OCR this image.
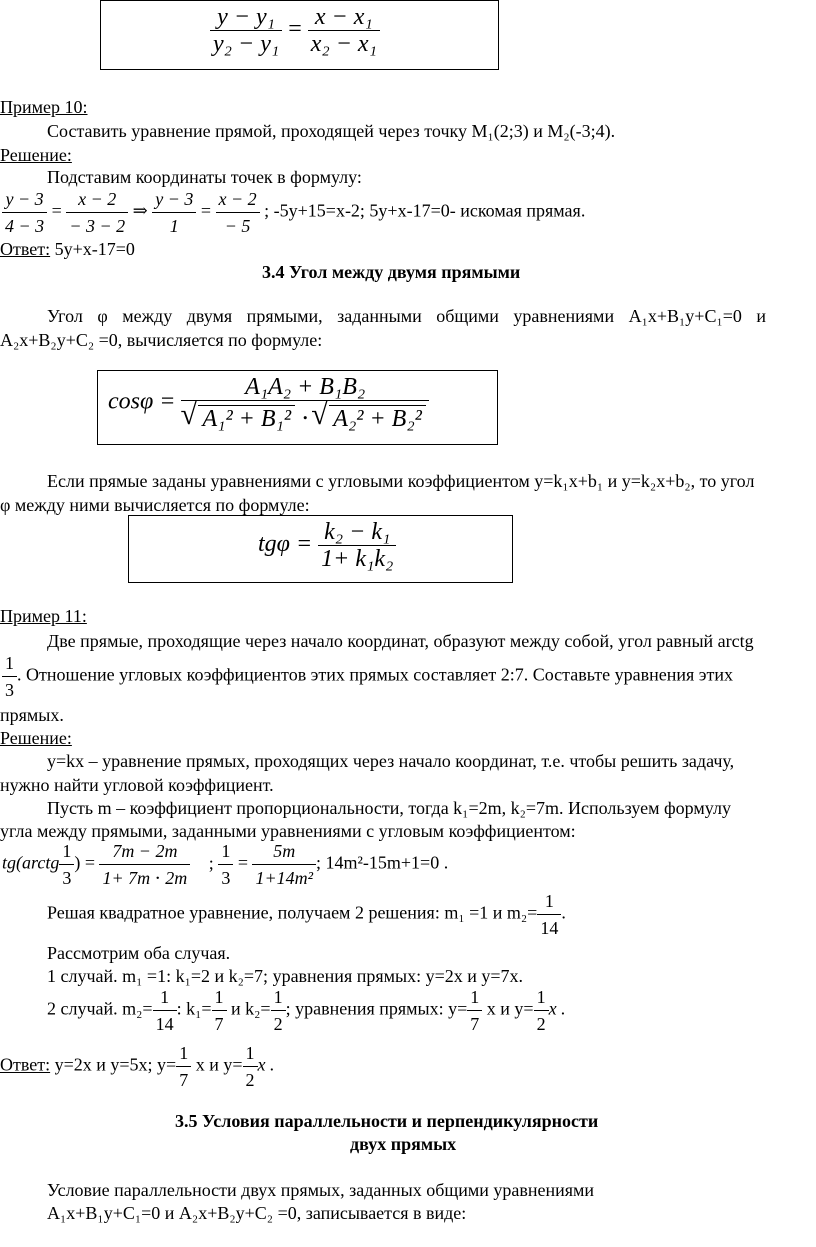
$\frac{\text{y − y₁}}{\text{y₂ − y₁}} = \frac{\text{x − x₁}}{\text{x₂ − x₁}}$
Пример 10:
Составить уравнение прямой, проходящей через точку M₁(2;3) и M₂(-3;4).
Решение:
Подставим координаты точек в формулу:
$\frac{y - 3}{4 - 3} = \frac{x - 2}{- 3 - 2}$ ⇒ $\frac{y - 3}{1} = \frac{x - 2}{- 5}$ ; -5y+15=x-2; 5y+x-17=0- искомая прямая.
Ответ: 5y+x-17=0
3.4 Угол между двумя прямыми
Угол φ между двумя прямыми, заданными общими уравнениями A₁x+B₁y+C₁=0 и
A₂x+B₂y+C₂ =0, вычисляется по формуле:
cosφ = A₁A₂ + B₁B₂
√ A₁² + B₁² ⋅ √ A₂² + B₂²
Если прямые заданы уравнениями с угловыми коэффициентом y=k₁x+b₁ и y=k₂x+b₂, то угол
φ между ними вычисляется по формуле:
$tg\varphi = \frac{\text{k₂ − k₁}}{\text{1+ k₁k₂}}$
Пример 11:
Две прямые, проходящие через начало координат, образуют между собой, угол равный arctg
$\frac{1}{3}$ . Отношение угловых коэффициентов этих прямых составляет 2:7. Составьте уравнения этих
прямых.
Решение:
y=kx – уравнение прямых, проходящих через начало координат, т.е. чтобы решить задачу,
нужно найти угловой коэффициент.
Пусть m – коэффициент пропорциональности, тогда k₁=2m, k₂=7m. Используем формулу
угла между прямыми, заданными уравнениями с угловым коэффициентом:
tg(arctg $\frac{1}{3}$ ) = $\frac{7m - 2m}{1+ 7m \cdot 2m}$ ; $\frac{1}{3} = \frac{5m}{\text{1+14m²}}$ ; 14m²-15m+1=0 .
Решая квадратное уравнение, получаем 2 решения: m₁ =1 и $m_2= \frac{1}{14}$ .
Рассмотрим оба случая.
1 случай. m₁ =1: k₁=2 и k₂=7; уравнения прямых: y=2x и y=7x.
2 случай. $m_2= \frac{1}{14}$ : $k_1= \frac{1}{7}$ и $k_2= \frac{1}{2}$ ; уравнения прямых: $y= \frac{1}{7}$ x и $y= \frac{1}{2}$ x .
Ответ: y=2x и y=5x; $y= \frac{1}{7}$ x и $y= \frac{1}{2}$ x .
3.5 Условия параллельности и перпендикулярности
двух прямых
Условие параллельности двух прямых, заданных общими уравнениями
A₁x+B₁y+C₁=0 и A₂x+B₂y+C₂ =0, записывается в виде:
